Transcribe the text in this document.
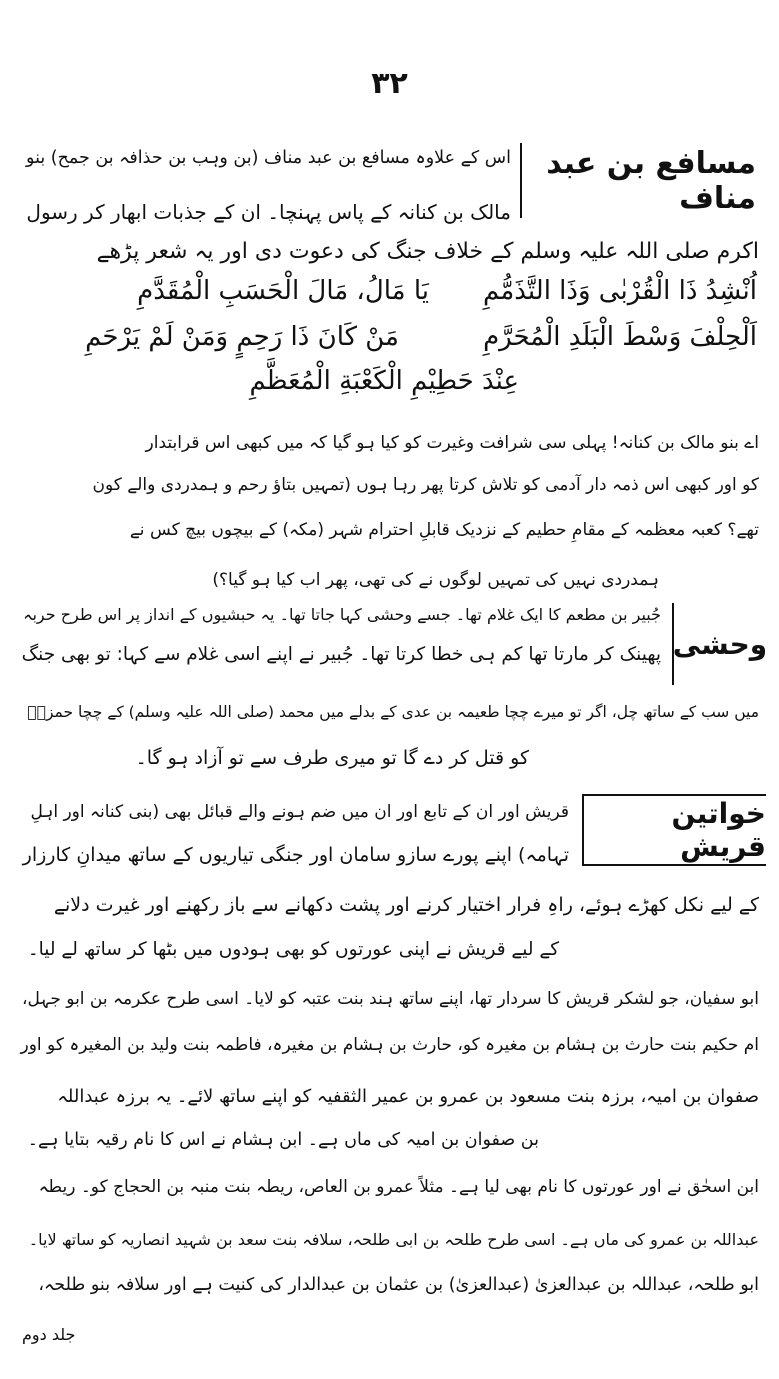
٣٢
مسافع بن عبد مناف
اس کے علاوہ مسافع بن عبد مناف (بن وہب بن حذافہ بن جمح) بنو
مالک بن کنانہ کے پاس پہنچا۔ ان کے جذبات ابھار کر رسول
اکرم صلی اللہ علیہ وسلم کے خلاف جنگ کی دعوت دی اور یہ شعر پڑھے
یَا مَالُ، مَالَ الْحَسَبِ الْمُقَدَّمِ اُنْشِدُ ذَا الْقُرْبٰی وَذَا التَّذَمُّمِ
مَنْ كَانَ ذَا رَحِمٍ وَمَنْ لَمْ يَرْحَمِ	اَلْحِلْفَ وَسْطَ الْبَلَدِ الْمُحَرَّمِ
عِنْدَ حَطِيْمِ الْكَعْبَةِ الْمُعَظَّمِ
اے بنو مالک بن کنانہ! پہلی سی شرافت وغیرت کو کیا ہو گیا کہ میں کبھی اس قرابتدار
کو اور کبھی اس ذمہ دار آدمی کو تلاش کرتا پھر رہا ہوں (تمہیں بتاؤ رحم و ہمدردی والے کون
تھے؟ کعبہ معظمہ کے مقامِ حطیم کے نزدیک قابلِ احترام شہر (مکہ) کے بیچوں بیچ کس نے
ہمدردی نہیں کی تمہیں لوگوں نے کی تھی، پھر اب کیا ہو گیا؟)
وحشی
جُبیر بن مطعم کا ایک غلام تھا۔ جسے وحشی کہا جاتا تھا۔ یہ حبشیوں کے انداز پر اس طرح حربہ
پھینک کر مارتا تھا کم ہی خطا کرتا تھا۔ جُبیر نے اپنے اسی غلام سے کہا: تو بھی جنگ
میں سب کے ساتھ چل، اگر تو میرے چچا طعیمہ بن عدی کے بدلے میں محمد (صلی اللہ علیہ وسلم) کے چچا حمزہؓ
کو قتل کر دے گا تو میری طرف سے تو آزاد ہو گا۔
خواتین قریش
قریش اور ان کے تابع اور ان میں ضم ہونے والے قبائل بھی (بنی کنانہ اور اہلِ
تہامہ) اپنے پورے سازو سامان اور جنگی تیاریوں کے ساتھ میدانِ کارزار
کے لیے نکل کھڑے ہوئے، راہِ فرار اختیار کرنے اور پشت دکھانے سے باز رکھنے اور غیرت دلانے
کے لیے قریش نے اپنی عورتوں کو بھی ہودوں میں بٹھا کر ساتھ لے لیا۔
ابو سفیان، جو لشکر قریش کا سردار تھا، اپنے ساتھ ہند بنت عتبہ کو لایا۔ اسی طرح عکرمہ بن ابو جہل،
ام حکیم بنت حارث بن ہشام بن مغیرہ کو، حارث بن ہشام بن مغیرہ، فاطمہ بنت ولید بن المغیرہ کو اور
صفوان بن امیہ، برزہ بنت مسعود بن عمرو بن عمیر الثقفیہ کو اپنے ساتھ لائے۔ یہ برزہ عبداللہ
بن صفوان بن امیہ کی ماں ہے۔ ابن ہشام نے اس کا نام رقیہ بتایا ہے۔
ابن اسحٰق نے اور عورتوں کا نام بھی لیا ہے۔ مثلاً عمرو بن العاص، ریطہ بنت منبہ بن الحجاج کو۔ ریطہ
عبداللہ بن عمرو کی ماں ہے۔ اسی طرح طلحہ بن ابی طلحہ، سلافہ بنت سعد بن شہید انصاریہ کو ساتھ لایا۔
ابو طلحہ، عبداللہ بن عبدالعزیٰ (عبدالعزیٰ) بن عثمان بن عبدالدار کی کنیت ہے اور سلافہ بنو طلحہ،
جلد دوم
